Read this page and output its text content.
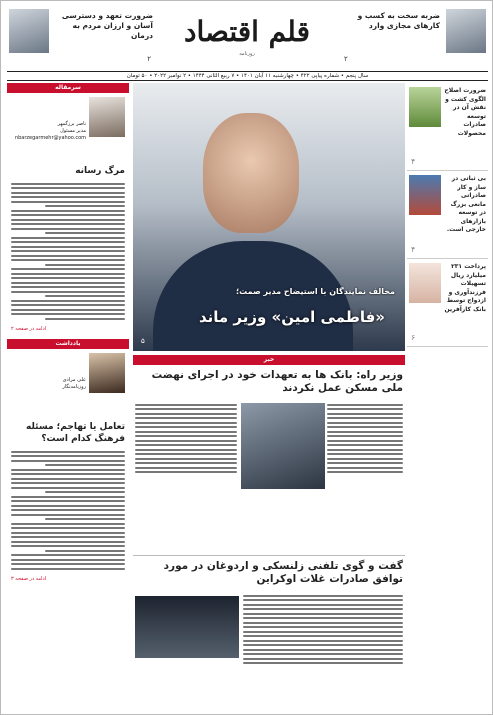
ضربه سخت به کسب و کارهای مجازی وارد
۲
قلم اقتصاد
روزنامه
ضرورت تعهد و دسترسی آسان و ارزان مردم به درمان
۲
سال پنجم • شماره پیاپی ۴۲۲ • چهارشنبه ۱۱ آبان ۱۴۰۱ • ۷ ربیع الثانی ۱۴۴۴ • ۲ نوامبر ۲۰۲۲ • ۵۰ تومان
سرمقاله
ناصر برزگمهر
مدیر مسئول
nbarzegarmehr@yahoo.com
مرگ رسانه
ادامه در صفحه ۲
یادداشت
علی مرادی
روزنامه‌نگار
تعامل یا تهاجم؛ مسئله فرهنگ کدام است؟
ادامه در صفحه ۳
مخالف نمایندگان با استیضاح مدیر صمت؛
«فاطمی امین» وزیر ماند
۵
خبر
وزیر راه: بانک ها به تعهدات خود در اجرای نهضت ملی مسکن عمل نکردند
گفت و گوی تلفنی زلنسکی و اردوغان در مورد توافق صادرات غلات اوکراین
ضرورت اصلاح الگوی کشت و نقش آن در توسعه صادرات محصولات
۴
بی ثباتی در ساز و کار صادراتی مانعی بزرگ در توسعه بازارهای خارجی است.
۴
پرداخت ۲۳۱ میلیارد ریال تسهیلات فرزندآوری و ازدواج توسط بانک کارآفرین
۶
